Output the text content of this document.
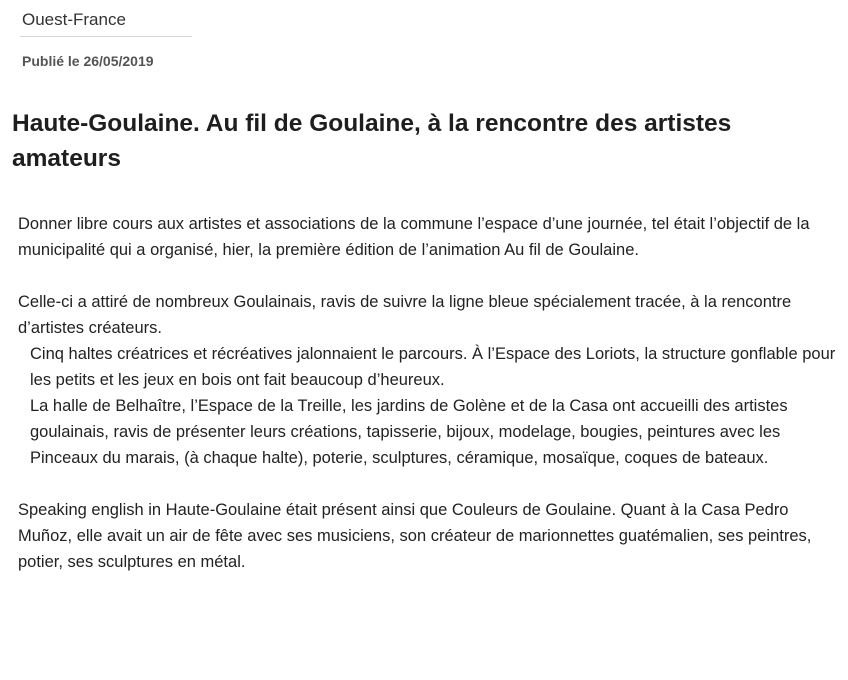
Ouest-France
Publié le 26/05/2019
Haute-Goulaine. Au fil de Goulaine, à la rencontre des artistes amateurs

Donner libre cours aux artistes et associations de la commune l’espace d’une journée, tel était l’objectif de la municipalité qui a organisé, hier, la première édition de l’animation Au fil de Goulaine.

Celle-ci a attiré de nombreux Goulainais, ravis de suivre la ligne bleue spécialement tracée, à la rencontre d’artistes créateurs.
Cinq haltes créatrices et récréatives jalonnaient le parcours. À l’Espace des Loriots, la structure gonflable pour les petits et les jeux en bois ont fait beaucoup d’heureux.
La halle de Belhaître, l’Espace de la Treille, les jardins de Golène et de la Casa ont accueilli des artistes goulainais, ravis de présenter leurs créations, tapisserie, bijoux, modelage, bougies, peintures avec les Pinceaux du marais, (à chaque halte), poterie, sculptures, céramique, mosaïque, coques de bateaux.

Speaking english in Haute-Goulaine était présent ainsi que Couleurs de Goulaine. Quant à la Casa Pedro Muñoz, elle avait un air de fête avec ses musiciens, son créateur de marionnettes guatémalien, ses peintres, potier, ses sculptures en métal.
